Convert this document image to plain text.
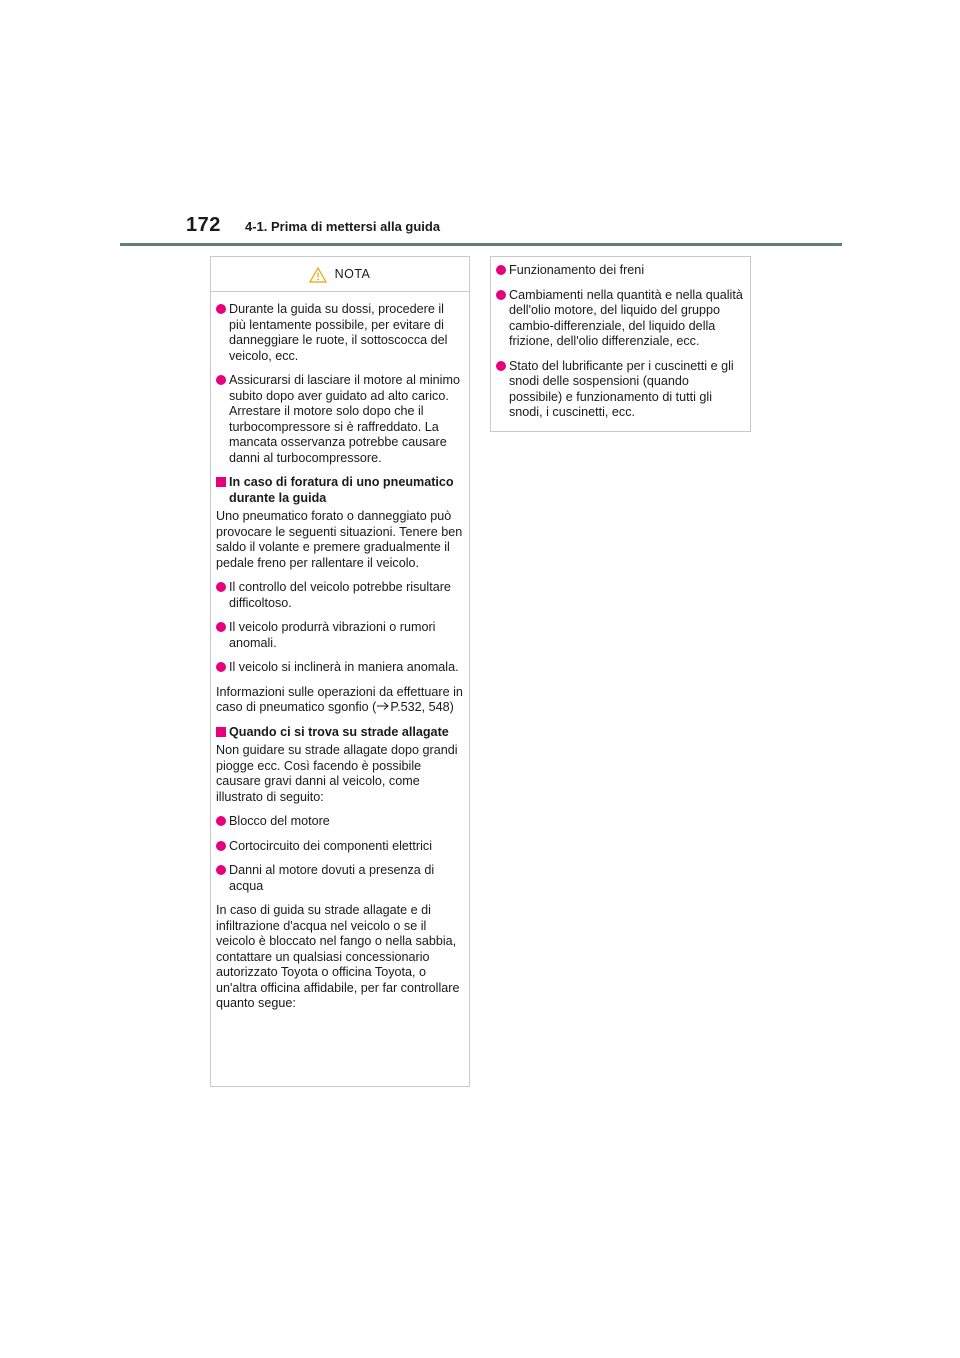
172 4-1. Prima di mettersi alla guida
NOTA
Durante la guida su dossi, procedere il più lentamente possibile, per evitare di danneggiare le ruote, il sottoscocca del veicolo, ecc.
Assicurarsi di lasciare il motore al minimo subito dopo aver guidato ad alto carico. Arrestare il motore solo dopo che il turbocompressore si è raffreddato. La mancata osservanza potrebbe causare danni al turbocompressore.
In caso di foratura di uno pneumatico durante la guida
Uno pneumatico forato o danneggiato può provocare le seguenti situazioni. Tenere ben saldo il volante e premere gradualmente il pedale freno per rallentare il veicolo.
Il controllo del veicolo potrebbe risultare difficoltoso.
Il veicolo produrrà vibrazioni o rumori anomali.
Il veicolo si inclinerà in maniera anomala.
Informazioni sulle operazioni da effettuare in caso di pneumatico sgonfio ( P.532, 548)
Quando ci si trova su strade allagate
Non guidare su strade allagate dopo grandi piogge ecc. Così facendo è possibile causare gravi danni al veicolo, come illustrato di seguito:
Blocco del motore
Cortocircuito dei componenti elettrici
Danni al motore dovuti a presenza di acqua
In caso di guida su strade allagate e di infiltrazione d'acqua nel veicolo o se il veicolo è bloccato nel fango o nella sabbia, contattare un qualsiasi concessionario autorizzato Toyota o officina Toyota, o un'altra officina affidabile, per far controllare quanto segue:
Funzionamento dei freni
Cambiamenti nella quantità e nella qualità dell'olio motore, del liquido del gruppo cambio-differenziale, del liquido della frizione, dell'olio differenziale, ecc.
Stato del lubrificante per i cuscinetti e gli snodi delle sospensioni (quando possibile) e funzionamento di tutti gli snodi, i cuscinetti, ecc.
